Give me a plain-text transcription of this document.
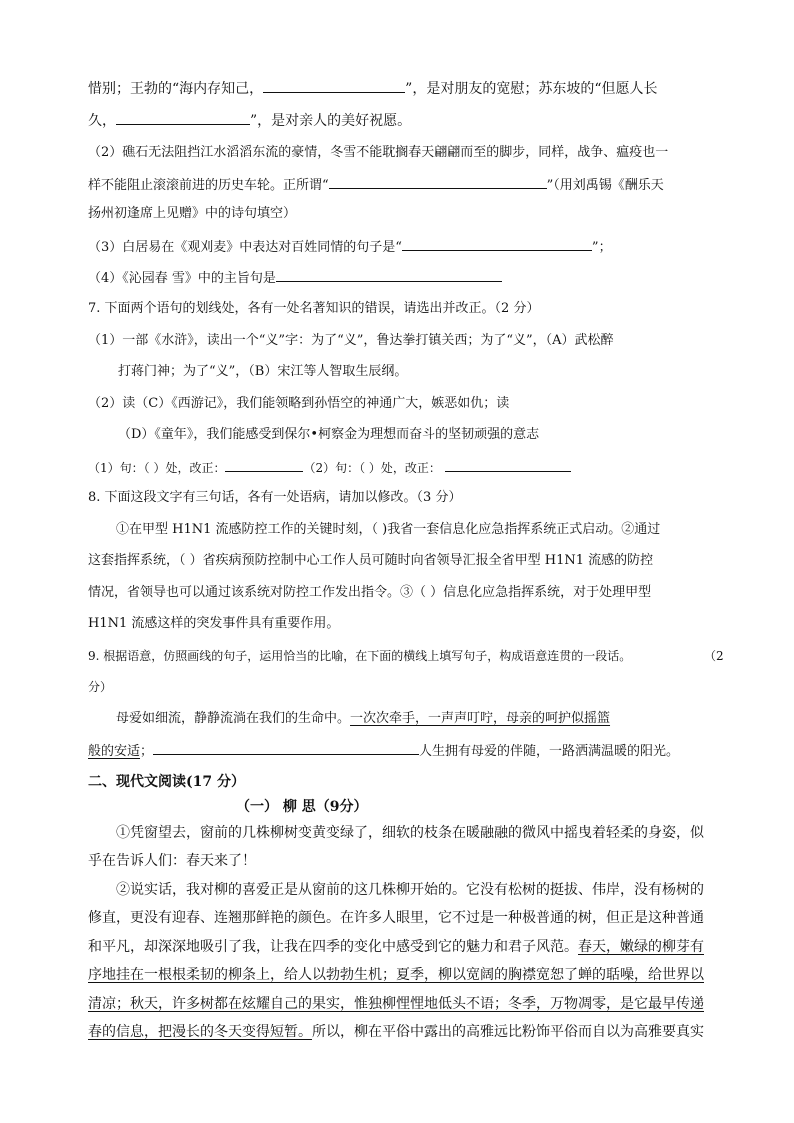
惜别；王勃的“海内存知己，	”，是对朋友的宽慰；苏东坡的“但愿人长
久，	”，是对亲人的美好祝愿。
（2）礁石无法阻挡江水滔滔东流的豪情，冬雪不能耽搁春天翩翩而至的脚步，同样，战争、瘟疫也一
样不能阻止滚滚前进的历史车轮。正所谓“	”（用刘禹锡《酬乐天
扬州初逢席上见赠》中的诗句填空）
（3）白居易在《观刈麦》中表达对百姓同情的句子是“	”；
（4）《沁园春 雪》中的主旨句是
7. 下面两个语句的划线处，各有一处名著知识的错误，请选出并改正。（2 分）
（1）一部《水浒》，读出一个“义”字：为了“义”，鲁达拳打镇关西；为了“义”，（A）武松醉
打蒋门神；为了“义”，（B）宋江等人智取生辰纲。
（2）读（C）《西游记》，我们能领略到孙悟空的神通广大，嫉恶如仇；读
（D）《童年》，我们能感受到保尔•柯察金为理想而奋斗的坚韧顽强的意志
（1）句：（ ）处，改正：	（2）句：（ ）处，改正：
8. 下面这段文字有三句话，各有一处语病，请加以修改。（3 分）
①在甲型 H1N1 流感防控工作的关键时刻，（ )我省一套信息化应急指挥系统正式启动。②通过
这套指挥系统，（ ）省疾病预防控制中心工作人员可随时向省领导汇报全省甲型 H1N1 流感的防控
情况，省领导也可以通过该系统对防控工作发出指令。③（ ）信息化应急指挥系统，对于处理甲型
H1N1 流感这样的突发事件具有重要作用。
9. 根据语意，仿照画线的句子，运用恰当的比喻，在下面的横线上填写句子，构成语意连贯的一段话。	（2
分）
母爱如细流，静静流淌在我们的生命中。一次次牵手，一声声叮咛，母亲的呵护似摇篮
般的安适；	人生拥有母爱的伴随，一路洒满温暖的阳光。
二、现代文阅读(17 分）
（一） 柳 思（9分）
①凭窗望去，窗前的几株柳树变黄变绿了，细软的枝条在暖融融的微风中摇曳着轻柔的身姿，似
乎在告诉人们：春天来了！
②说实话，我对柳的喜爱正是从窗前的这几株柳开始的。它没有松树的挺拔、伟岸，没有杨树的
修直，更没有迎春、连翘那鲜艳的颜色。在许多人眼里，它不过是一种极普通的树，但正是这种普通
和平凡，却深深地吸引了我，让我在四季的变化中感受到它的魅力和君子风范。春天，嫩绿的柳芽有
序地挂在一根根柔韧的柳条上，给人以勃勃生机；夏季，柳以宽阔的胸襟宽恕了蝉的聒噪，给世界以
清凉；秋天，许多树都在炫耀自己的果实，惟独柳悝悝地低头不语；冬季，万物凋零，是它最早传递
春的信息，把漫长的冬天变得短暂。所以，柳在平俗中露出的高雅远比粉饰平俗而自以为高雅要真实
